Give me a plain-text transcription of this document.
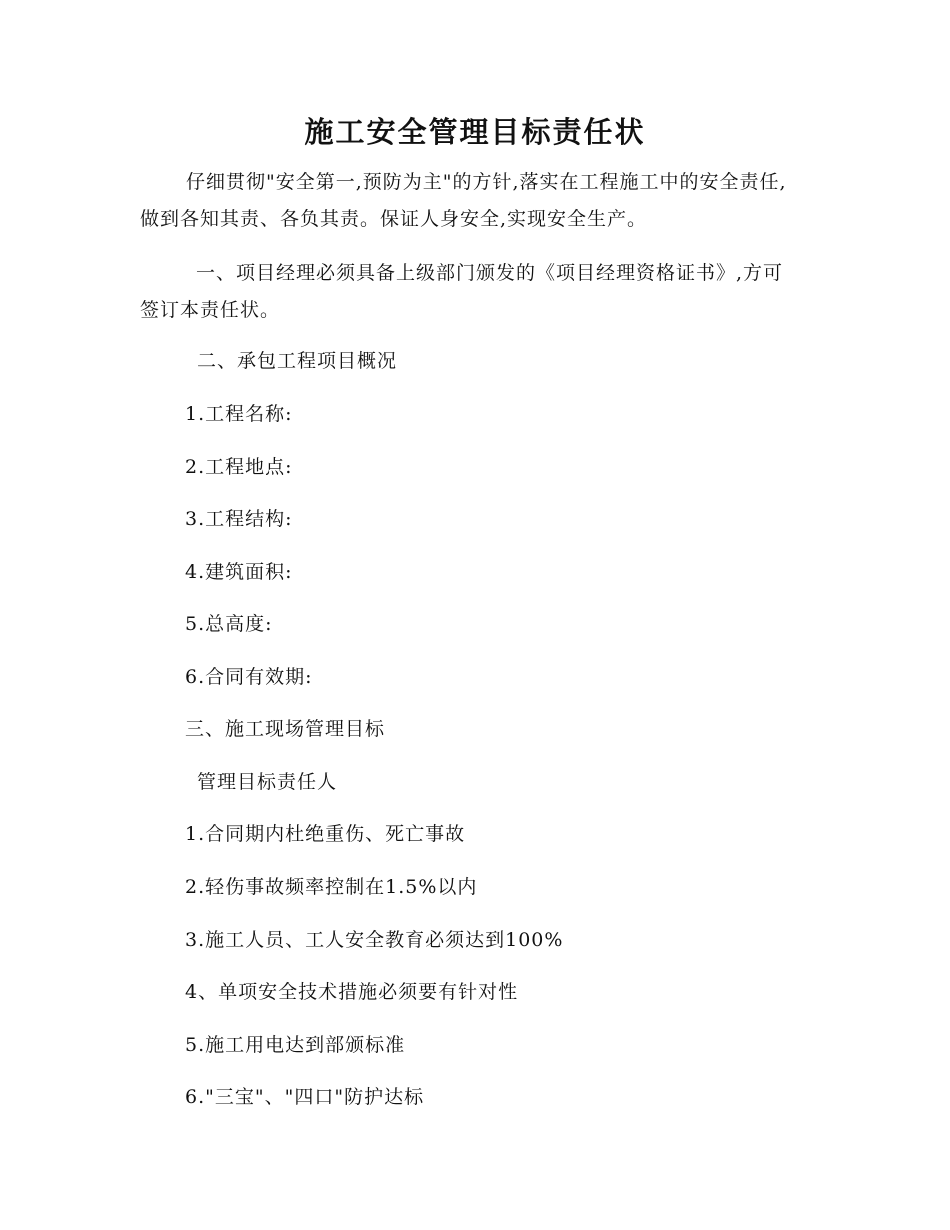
施工安全管理目标责任状
仔细贯彻"安全第一,预防为主"的方针,落实在工程施工中的安全责任,做到各知其责、各负其责。保证人身安全,实现安全生产。
一、项目经理必须具备上级部门颁发的《项目经理资格证书》,方可签订本责任状。
二、承包工程项目概况
1.工程名称:
2.工程地点:
3.工程结构:
4.建筑面积:
5.总高度:
6.合同有效期:
三、施工现场管理目标
管理目标责任人
1.合同期内杜绝重伤、死亡事故
2.轻伤事故频率控制在1.5%以内
3.施工人员、工人安全教育必须达到100%
4、单项安全技术措施必须要有针对性
5.施工用电达到部颁标准
6."三宝"、"四口"防护达标
